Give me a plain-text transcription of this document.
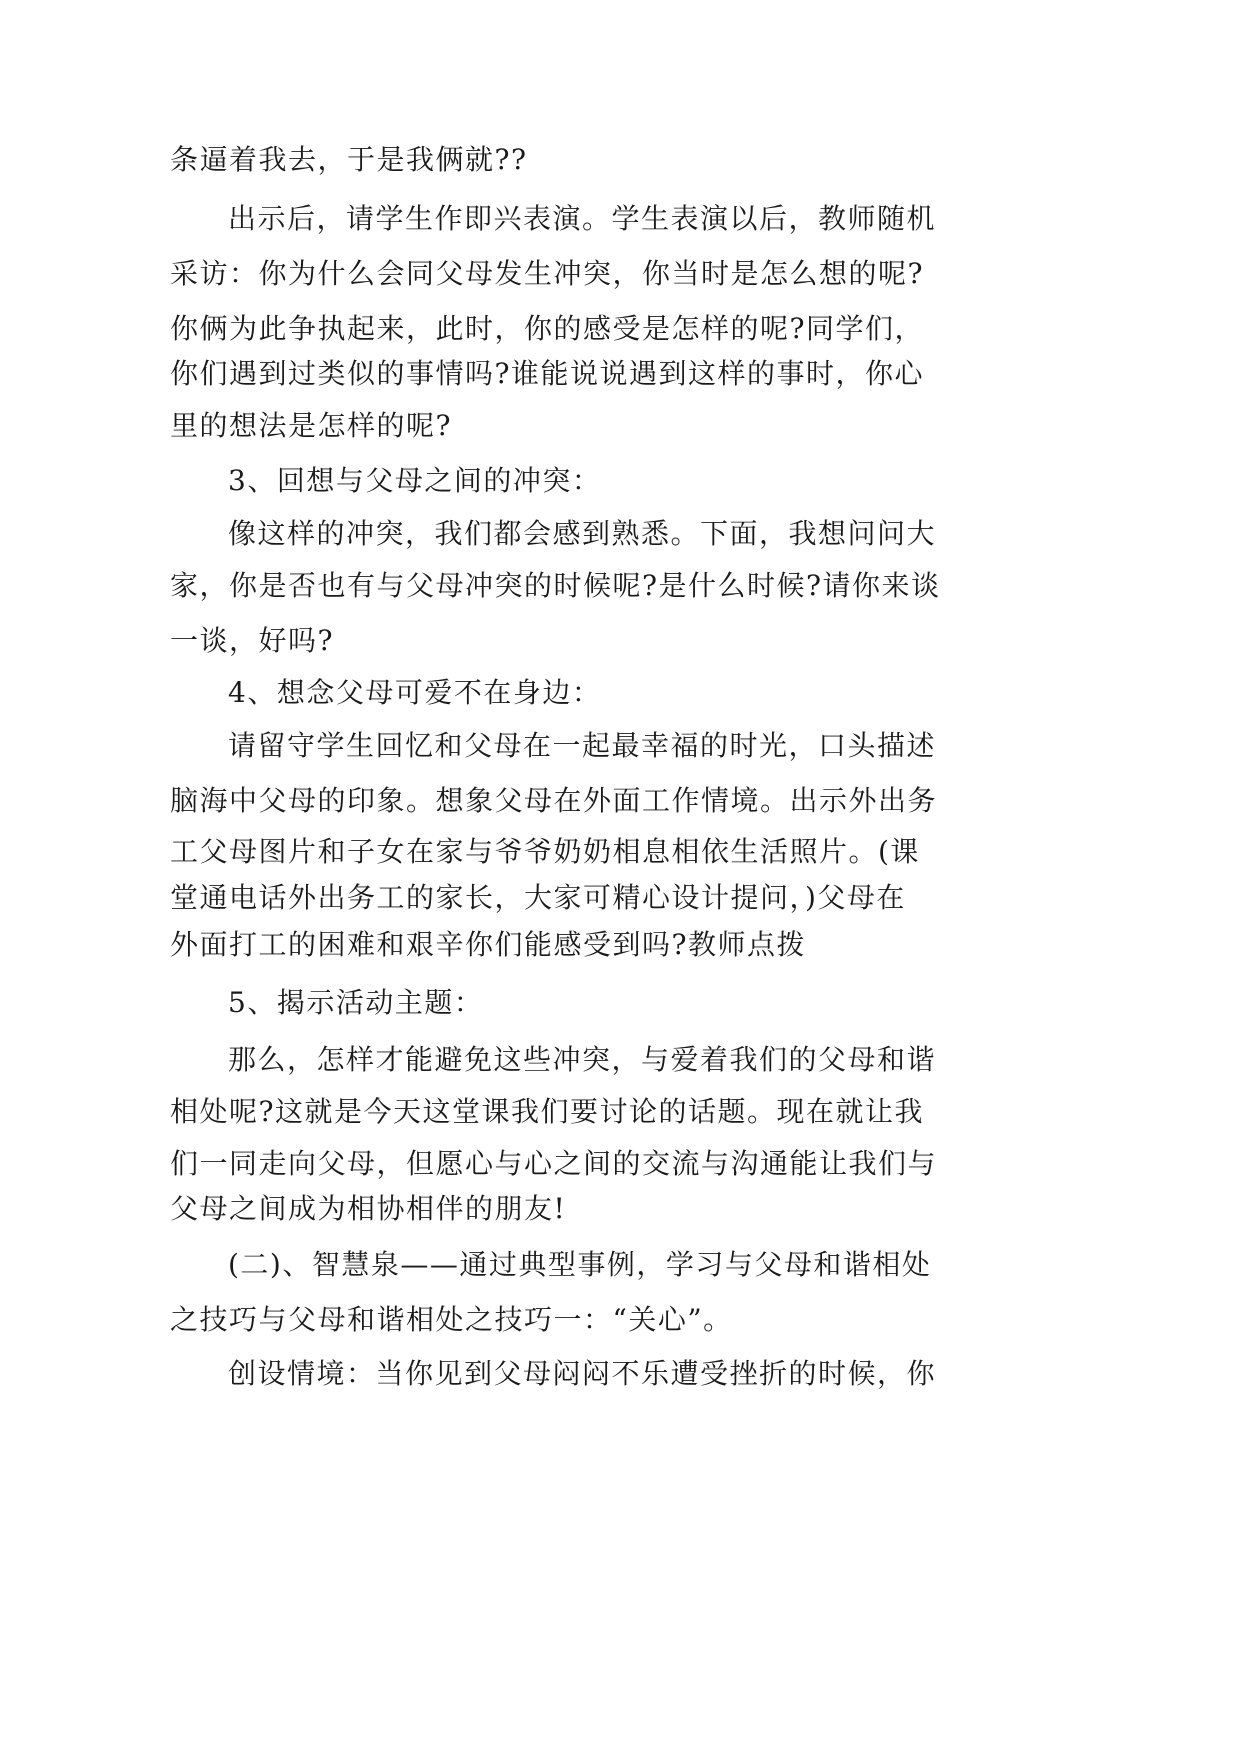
条逼着我去，于是我俩就??
出示后，请学生作即兴表演。学生表演以后，教师随机
采访：你为什么会同父母发生冲突，你当时是怎么想的呢?
你俩为此争执起来，此时，你的感受是怎样的呢?同学们，
你们遇到过类似的事情吗?谁能说说遇到这样的事时，你心
里的想法是怎样的呢?
3、回想与父母之间的冲突：
像这样的冲突，我们都会感到熟悉。下面，我想问问大
家，你是否也有与父母冲突的时候呢?是什么时候?请你来谈
一谈，好吗?
4、想念父母可爱不在身边：
请留守学生回忆和父母在一起最幸福的时光，口头描述
脑海中父母的印象。想象父母在外面工作情境。出示外出务
工父母图片和子女在家与爷爷奶奶相息相依生活照片。(课
堂通电话外出务工的家长，大家可精心设计提问，)父母在
外面打工的困难和艰辛你们能感受到吗?教师点拨
5、揭示活动主题：
那么，怎样才能避免这些冲突，与爱着我们的父母和谐
相处呢?这就是今天这堂课我们要讨论的话题。现在就让我
们一同走向父母，但愿心与心之间的交流与沟通能让我们与
父母之间成为相协相伴的朋友!
(二)、智慧泉——通过典型事例，学习与父母和谐相处
之技巧与父母和谐相处之技巧一：“关心”。
创设情境：当你见到父母闷闷不乐遭受挫折的时候，你
